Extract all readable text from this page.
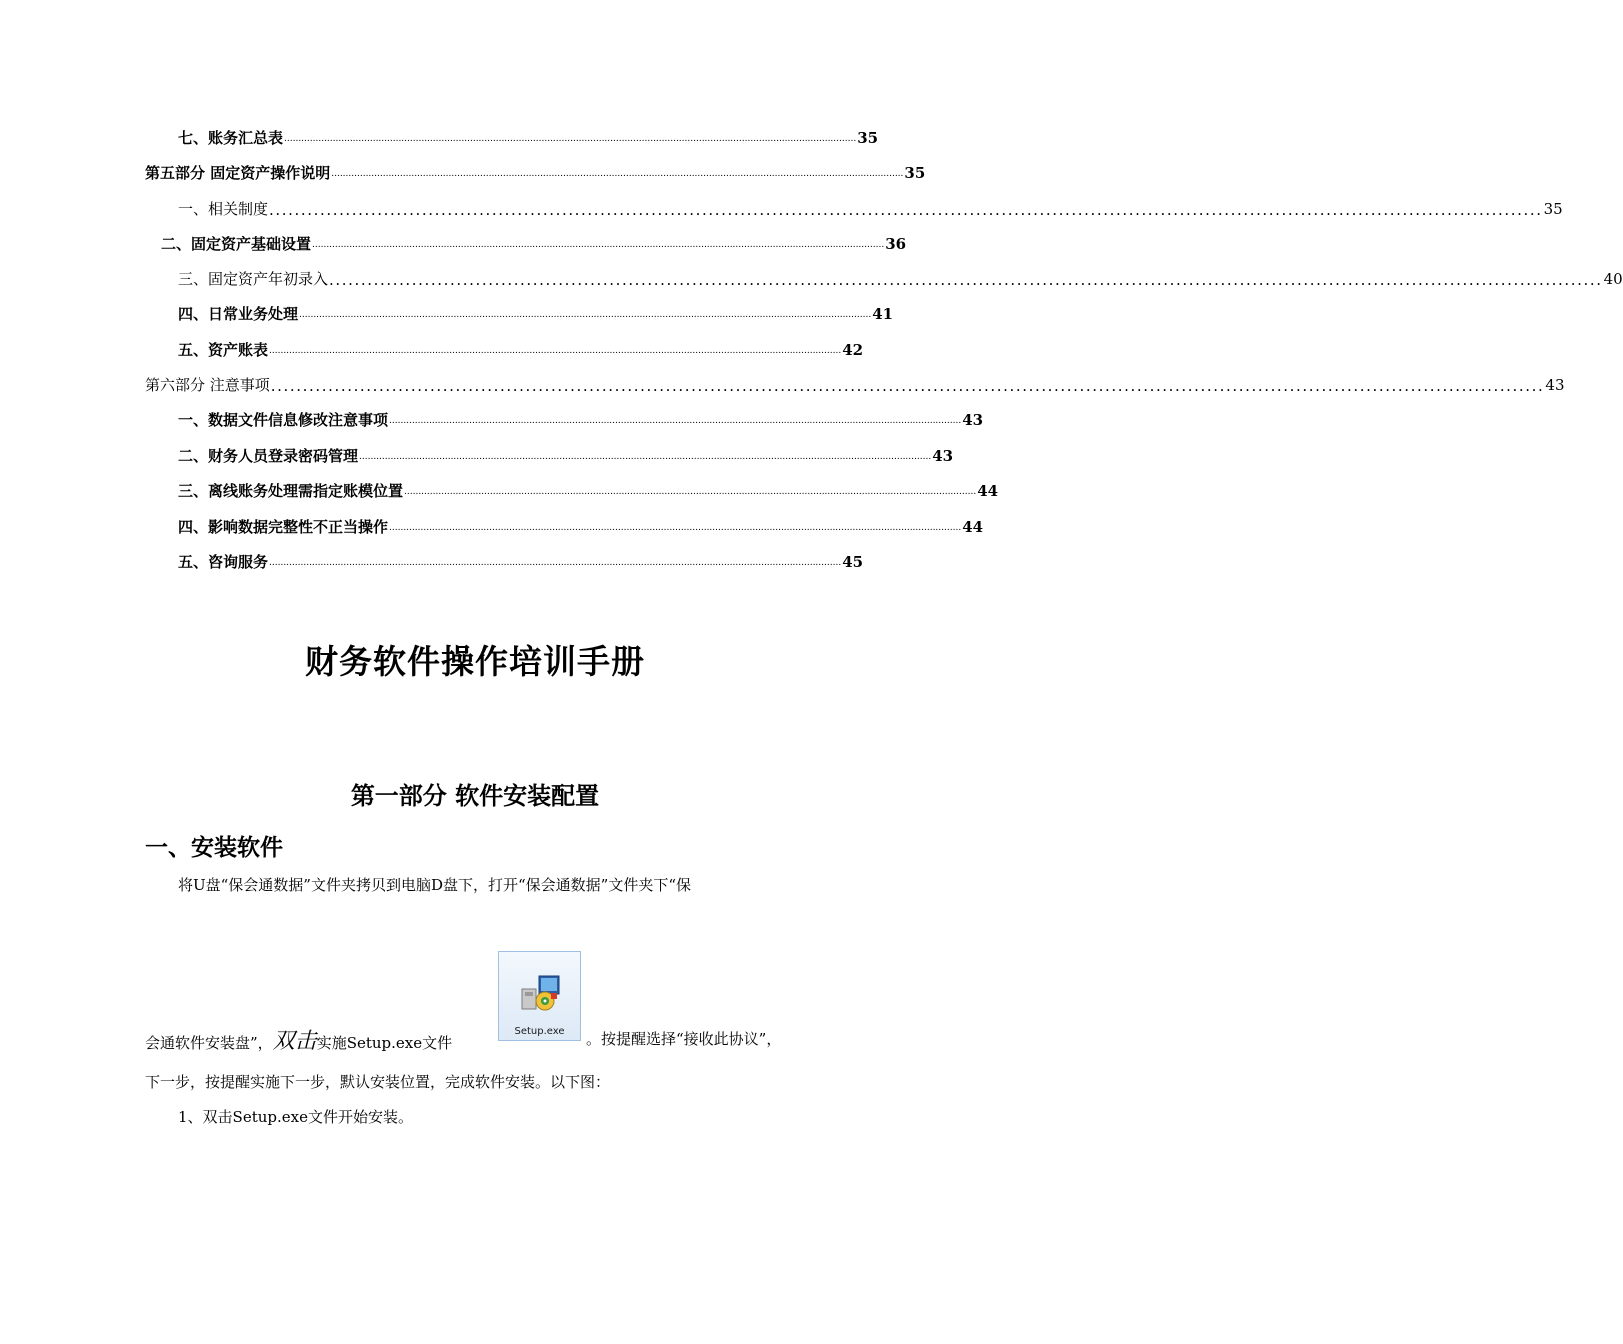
七、账务汇总表 ........................................................................................................................................................................................................ 35
第五部分 固定资产操作说明 ........................................................................................................................................................................................................ 35
一、相关制度 ........................................................................................................................................................................................................ 35
二、固定资产基础设置 ........................................................................................................................................................................................................ 36
三、固定资产年初录入 ........................................................................................................................................................................................................ 40
四、日常业务处理 ........................................................................................................................................................................................................ 41
五、资产账表 ........................................................................................................................................................................................................ 42
第六部分 注意事项 ........................................................................................................................................................................................................ 43
一、数据文件信息修改注意事项 ........................................................................................................................................................................................................ 43
二、财务人员登录密码管理 ........................................................................................................................................................................................................ 43
三、离线账务处理需指定账模位置 ........................................................................................................................................................................................................ 44
四、影响数据完整性不正当操作 ........................................................................................................................................................................................................ 44
五、咨询服务 ........................................................................................................................................................................................................ 45
财务软件操作培训手册
第一部分 软件安装配置
一、安装软件
将U盘“保会通数据”文件夹拷贝到电脑D盘下，打开“保会通数据”文件夹下“保
会通软件安装盘”，双击实施Setup.exe文件
Setup.exe	。按提醒选择“接收此协议”，
下一步，按提醒实施下一步，默认安装位置，完成软件安装。以下图：
1、双击Setup.exe文件开始安装。
